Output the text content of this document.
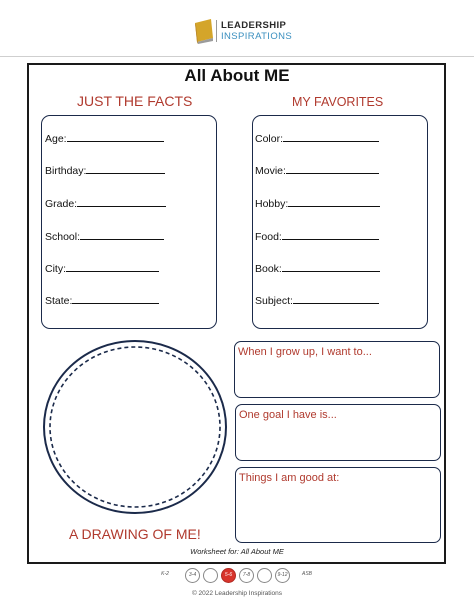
LEADERSHIP
INSPIRATIONS
All About ME
JUST THE FACTS	MY FAVORITES
Age:
Birthday:
Grade:
School:
City:
State:
Color:
Movie:
Hobby:
Food:
Book:
Subject:
A DRAWING OF ME!
When I grow up, I want to...
One goal I have is...
Things I am good at:
Worksheet for: All About ME
K-2	3-4	5-6	7-8	9-12	ASB
© 2022 Leadership Inspirations
